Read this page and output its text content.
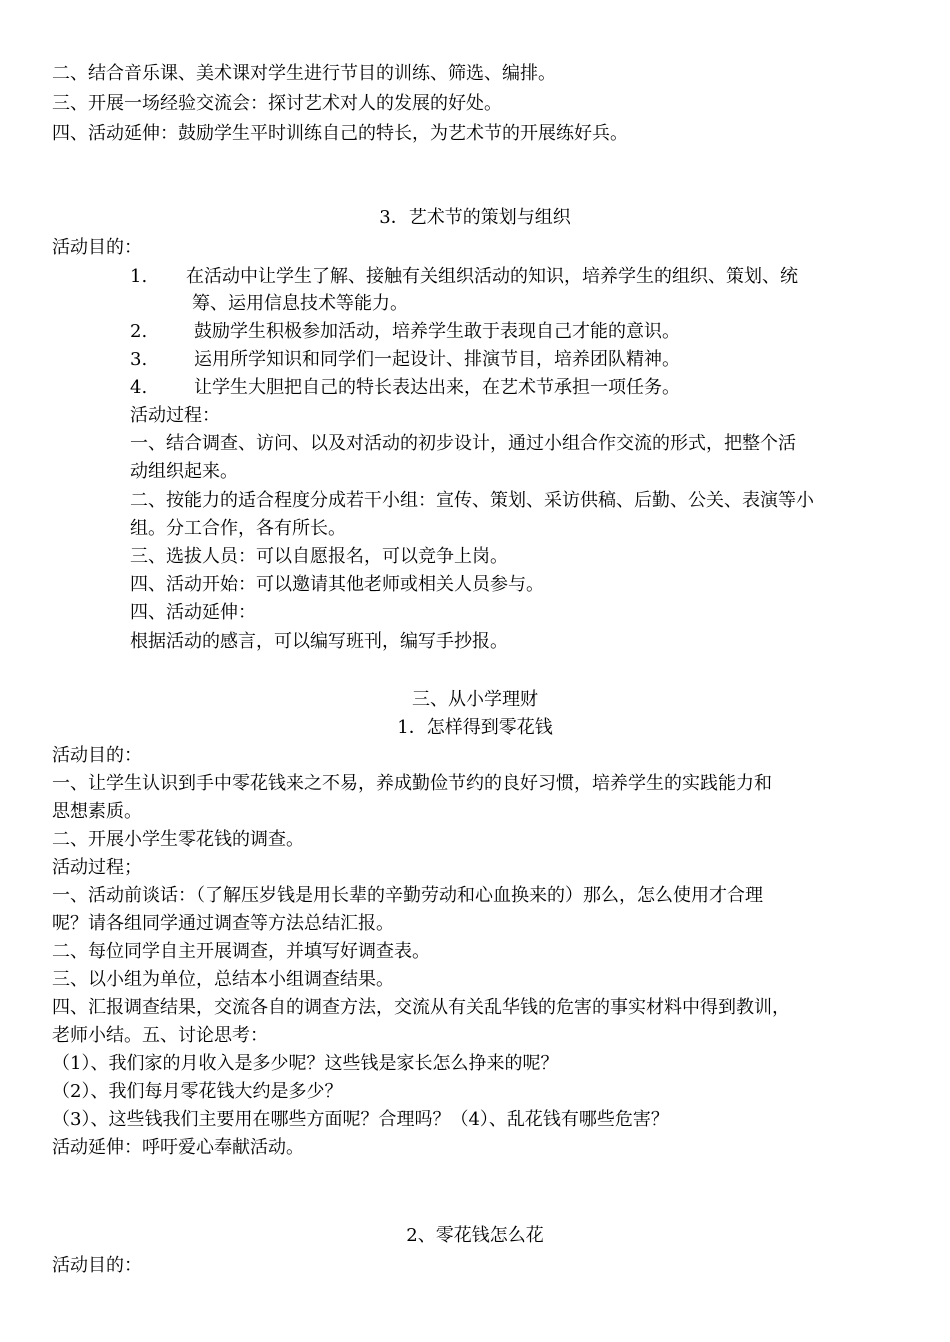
二、结合音乐课、美术课对学生进行节目的训练、筛选、编排。
三、开展一场经验交流会：探讨艺术对人的发展的好处。
四、活动延伸：鼓励学生平时训练自己的特长，为艺术节的开展练好兵。
3．艺术节的策划与组织
活动目的：
1. 在活动中让学生了解、接触有关组织活动的知识，培养学生的组织、策划、统
筹、运用信息技术等能力。
2.	鼓励学生积极参加活动，培养学生敢于表现自己才能的意识。
3.	运用所学知识和同学们一起设计、排演节目，培养团队精神。
4.	让学生大胆把自己的特长表达出来，在艺术节承担一项任务。
活动过程：
一、结合调查、访问、以及对活动的初步设计，通过小组合作交流的形式，把整个活
动组织起来。
二、按能力的适合程度分成若干小组：宣传、策划、采访供稿、后勤、公关、表演等小
组。分工合作，各有所长。
三、选拔人员：可以自愿报名，可以竞争上岗。
四、活动开始：可以邀请其他老师或相关人员参与。
四、活动延伸：
根据活动的感言，可以编写班刊，编写手抄报。
三、从小学理财
1．怎样得到零花钱
活动目的：
一、让学生认识到手中零花钱来之不易，养成勤俭节约的良好习惯，培养学生的实践能力和
思想素质。
二、开展小学生零花钱的调查。
活动过程；
一、活动前谈话：（了解压岁钱是用长辈的辛勤劳动和心血换来的）那么，怎么使用才合理
呢？请各组同学通过调查等方法总结汇报。
二、每位同学自主开展调查，并填写好调查表。
三、以小组为单位，总结本小组调查结果。
四、汇报调查结果，交流各自的调查方法，交流从有关乱华钱的危害的事实材料中得到教训，
老师小结。五、讨论思考：
（1）、我们家的月收入是多少呢？这些钱是家长怎么挣来的呢？
（2）、我们每月零花钱大约是多少？
（3）、这些钱我们主要用在哪些方面呢？合理吗？（4）、乱花钱有哪些危害？
活动延伸：呼吁爱心奉献活动。
2、零花钱怎么花
活动目的：
